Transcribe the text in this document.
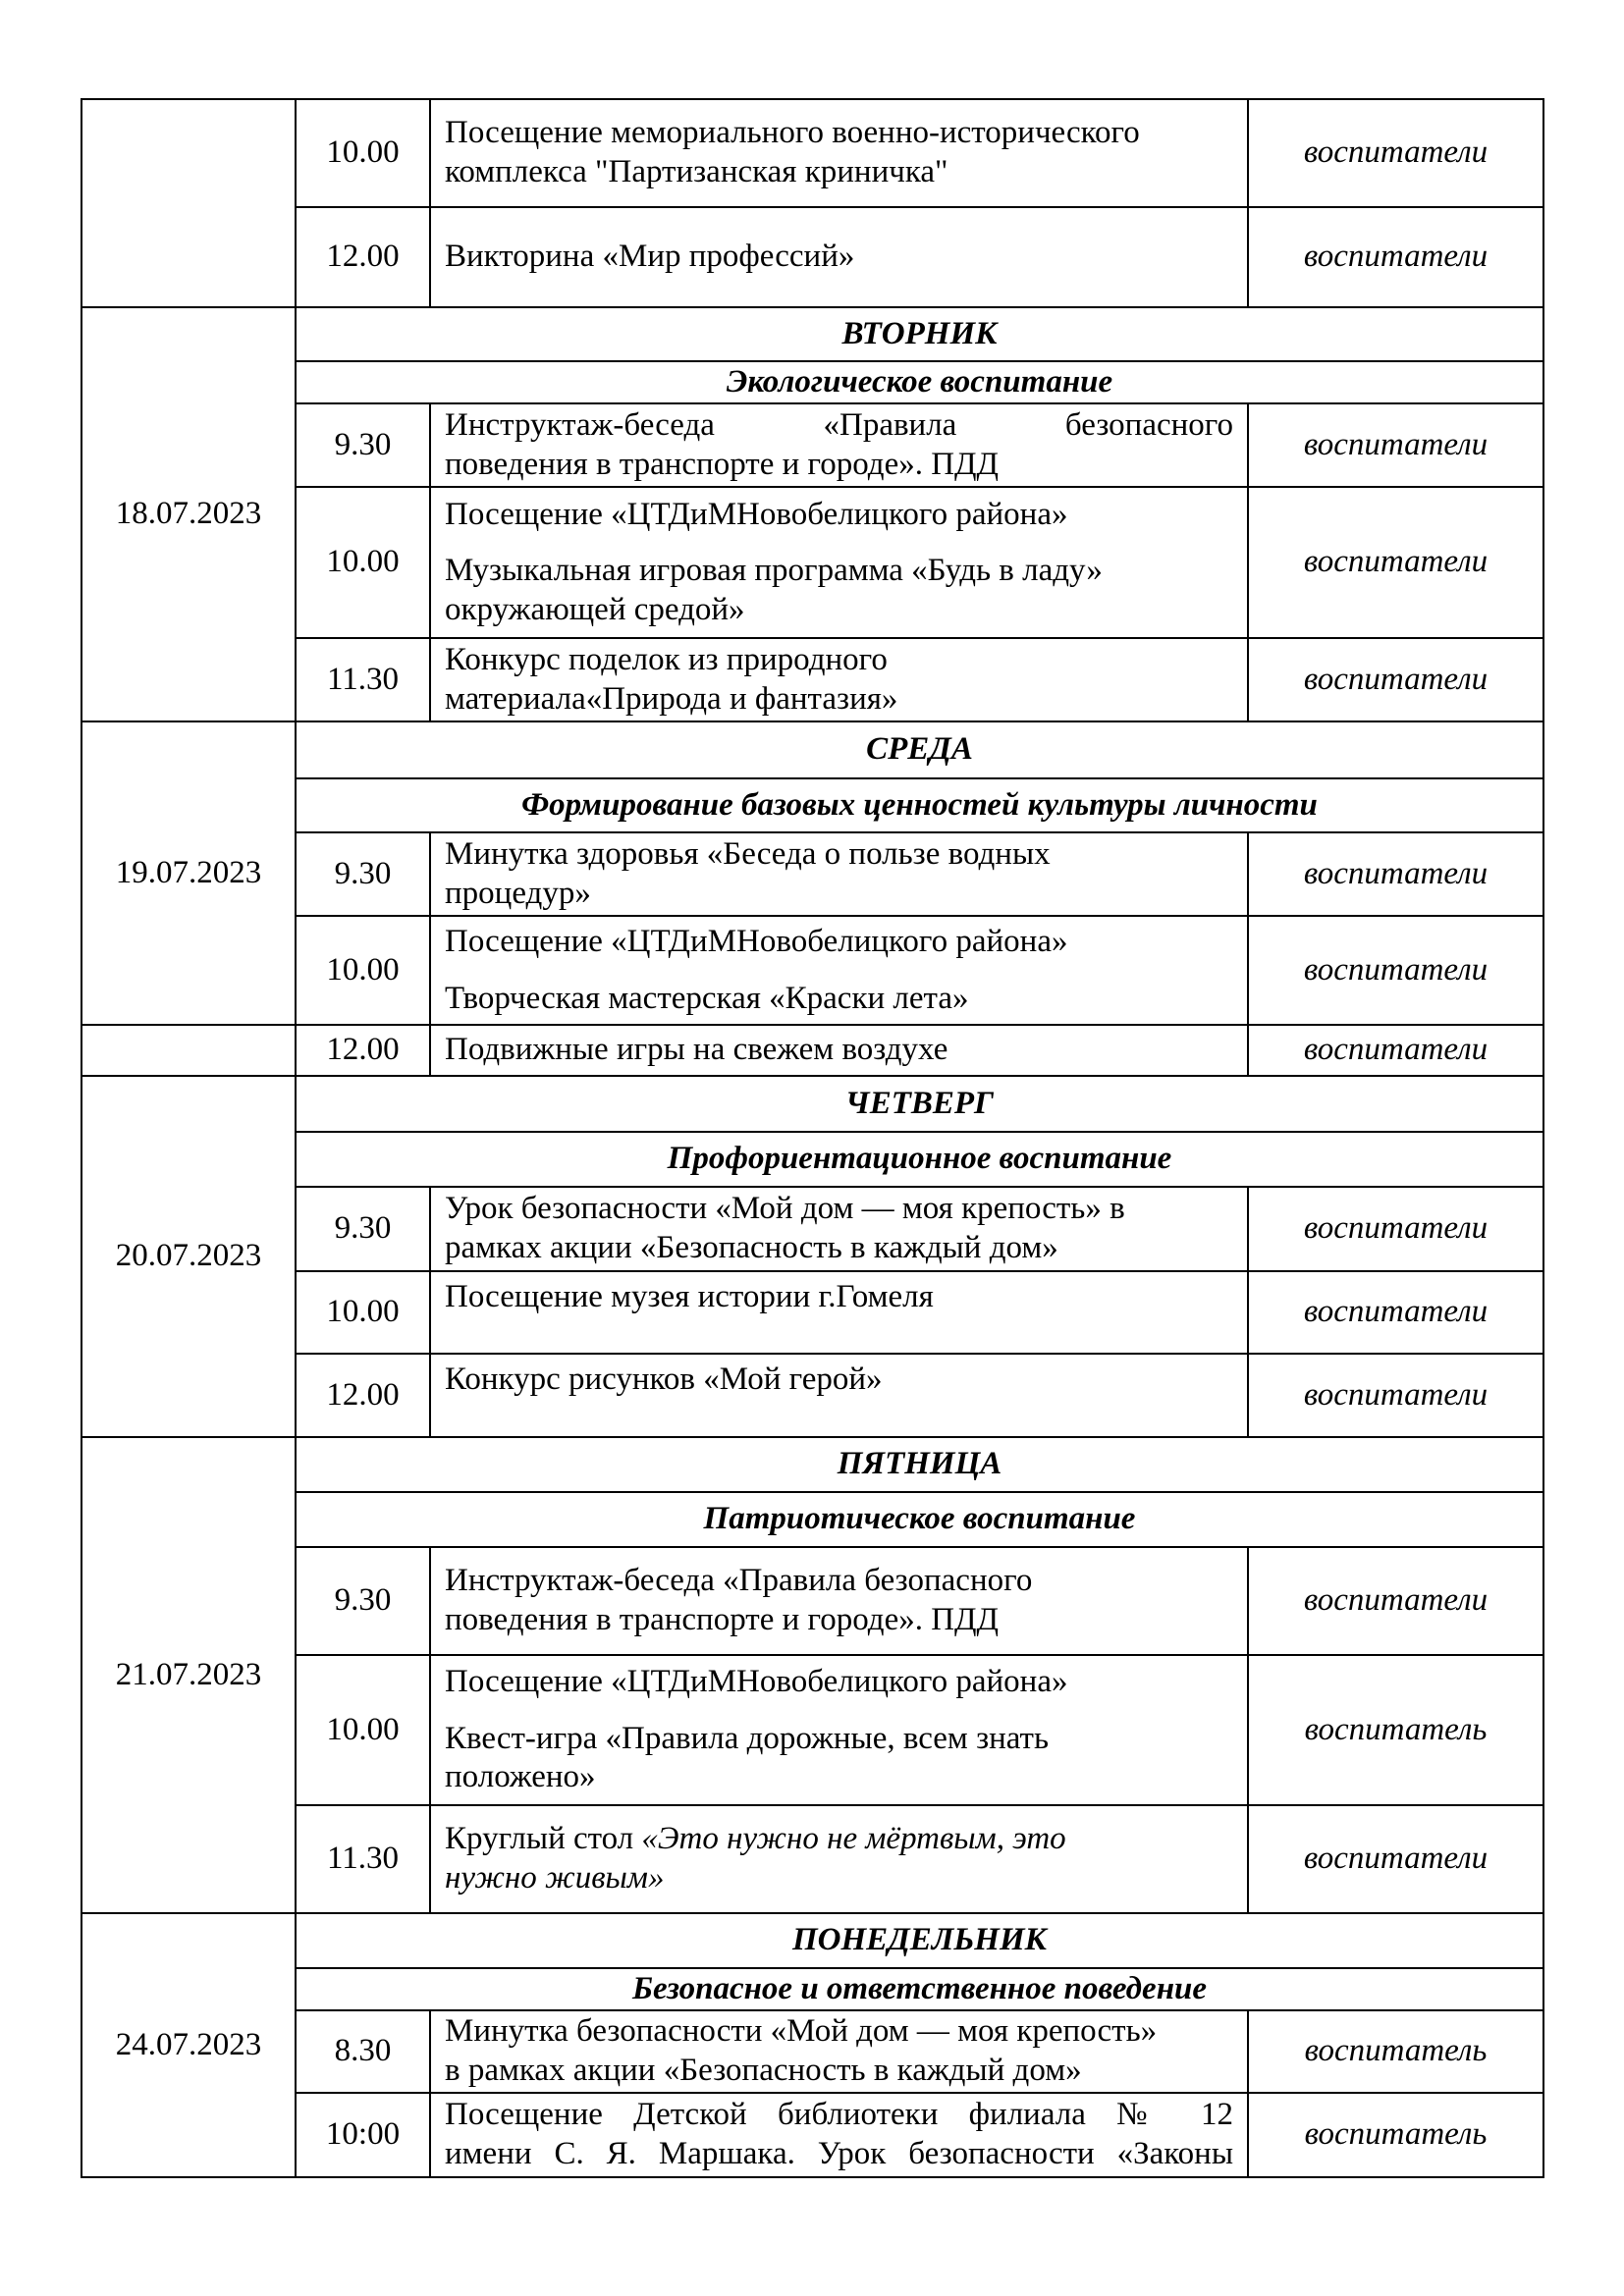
	10.00	Посещение мемориального военно-исторического
комплекса "Партизанская криничка"	воспитатели
	12.00	Викторина «Мир профессий»	воспитатели
18.07.2023	ВТОРНИК		
	Экологическое воспитание		
	9.30	Инструктаж-беседа «Правила безопасного
поведения в транспорте и городе». ПДД	воспитатели
	10.00	Посещение «ЦТДиМНовобелицкого района»
Музыкальная игровая программа «Будь в ладу»
окружающей средой»	воспитатели
	11.30	Конкурс поделок из природного
материала«Природа и фантазия»	воспитатели
19.07.2023	СРЕДА		
	Формирование базовых ценностей культуры личности		
	9.30	Минутка здоровья «Беседа о пользе водных
процедур»	воспитатели
	10.00	Посещение «ЦТДиМНовобелицкого района»
Творческая мастерская «Краски лета»	воспитатели
	12.00	Подвижные игры на свежем воздухе	воспитатели
20.07.2023	ЧЕТВЕРГ		
	Профориентационное воспитание		
	9.30	Урок безопасности «Мой дом — моя крепость» в
рамках акции «Безопасность в каждый дом»	воспитатели
	10.00	Посещение музея истории г.Гомеля	воспитатели
	12.00	Конкурс рисунков «Мой герой»	воспитатели
21.07.2023	ПЯТНИЦА		
	Патриотическое воспитание		
	9.30	Инструктаж-беседа «Правила безопасного
поведения в транспорте и городе». ПДД	воспитатели
	10.00	Посещение «ЦТДиМНовобелицкого района»
Квест-игра «Правила дорожные, всем знать
положено»	воспитатель
	11.30	Круглый стол «Это нужно не мёртвым, это
нужно живым»	воспитатели
24.07.2023	ПОНЕДЕЛЬНИК		
	Безопасное и ответственное поведение		
	8.30	Минутка безопасности «Мой дом — моя крепость»
в рамках акции «Безопасность в каждый дом»	воспитатель
	10:00	Посещение Детской библиотеки филиала № 12
имени С. Я. Маршака. Урок безопасности «Законы	воспитатель
